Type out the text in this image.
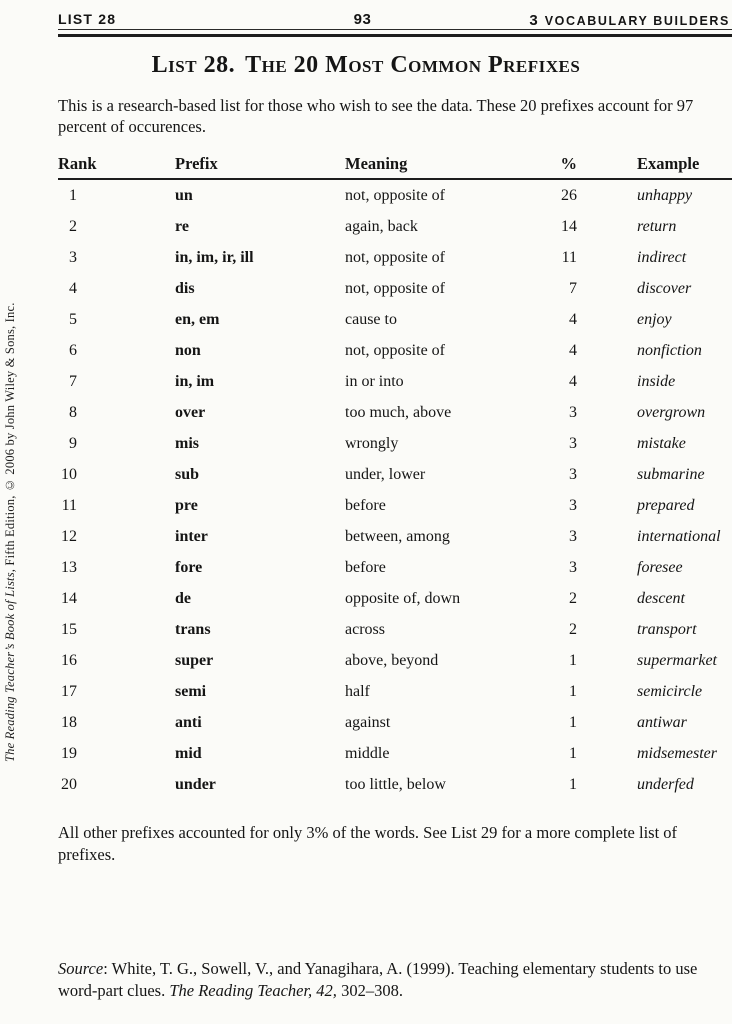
LIST 28	93	3 VOCABULARY BUILDERS
List 28. The 20 Most Common Prefixes

This is a research-based list for those who wish to see the data. These 20 prefixes account for 97 percent of occurences.

Rank	Prefix	Meaning	%	Example
1	un	not, opposite of	26	unhappy
2	re	again, back	14	return
3	in, im, ir, ill	not, opposite of	11	indirect
4	dis	not, opposite of	7	discover
5	en, em	cause to	4	enjoy
6	non	not, opposite of	4	nonfiction
7	in, im	in or into	4	inside
8	over	too much, above	3	overgrown
9	mis	wrongly	3	mistake
10	sub	under, lower	3	submarine
11	pre	before	3	prepared
12	inter	between, among	3	international
13	fore	before	3	foresee
14	de	opposite of, down	2	descent
15	trans	across	2	transport
16	super	above, beyond	1	supermarket
17	semi	half	1	semicircle
18	anti	against	1	antiwar
19	mid	middle	1	midsemester
20	under	too little, below	1	underfed

All other prefixes accounted for only 3% of the words. See List 29 for a more complete list of prefixes.

Source: White, T. G., Sowell, V., and Yanagihara, A. (1999). Teaching elementary students to use word-part clues. The Reading Teacher, 42, 302–308.

The Reading Teacher’s Book of Lists, Fifth Edition, © 2006 by John Wiley & Sons, Inc.
